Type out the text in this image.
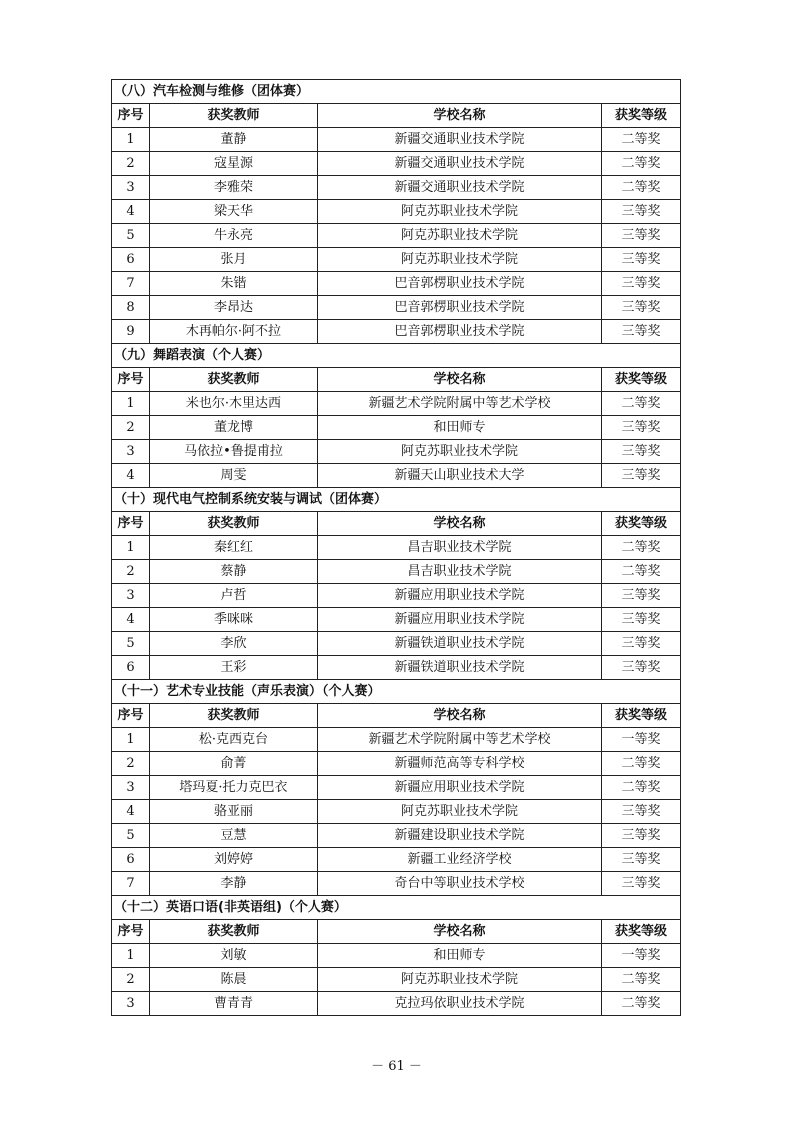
（八）汽车检测与维修（团体赛）			
序号	获奖教师	学校名称	获奖等级
1	董静	新疆交通职业技术学院	二等奖
2	寇星源	新疆交通职业技术学院	二等奖
3	李雅荣	新疆交通职业技术学院	二等奖
4	梁天华	阿克苏职业技术学院	三等奖
5	牛永亮	阿克苏职业技术学院	三等奖
6	张月	阿克苏职业技术学院	三等奖
7	朱锴	巴音郭楞职业技术学院	三等奖
8	李昂达	巴音郭楞职业技术学院	三等奖
9	木再帕尔·阿不拉	巴音郭楞职业技术学院	三等奖
（九）舞蹈表演（个人赛）			
序号	获奖教师	学校名称	获奖等级
1	米也尔·木里达西	新疆艺术学院附属中等艺术学校	二等奖
2	董龙博	和田师专	三等奖
3	马依拉•鲁提甫拉	阿克苏职业技术学院	三等奖
4	周雯	新疆天山职业技术大学	三等奖
（十）现代电气控制系统安装与调试（团体赛）			
序号	获奖教师	学校名称	获奖等级
1	秦红红	昌吉职业技术学院	二等奖
2	蔡静	昌吉职业技术学院	二等奖
3	卢哲	新疆应用职业技术学院	三等奖
4	季咪咪	新疆应用职业技术学院	三等奖
5	李欣	新疆铁道职业技术学院	三等奖
6	王彩	新疆铁道职业技术学院	三等奖
（十一）艺术专业技能（声乐表演）（个人赛）			
序号	获奖教师	学校名称	获奖等级
1	松·克西克台	新疆艺术学院附属中等艺术学校	一等奖
2	俞菁	新疆师范高等专科学校	二等奖
3	塔玛夏·托力克巴衣	新疆应用职业技术学院	二等奖
4	骆亚丽	阿克苏职业技术学院	三等奖
5	豆慧	新疆建设职业技术学院	三等奖
6	刘婷婷	新疆工业经济学校	三等奖
7	李静	奇台中等职业技术学校	三等奖
（十二）英语口语(非英语组)（个人赛）			
序号	获奖教师	学校名称	获奖等级
1	刘敏	和田师专	一等奖
2	陈晨	阿克苏职业技术学院	二等奖
3	曹青青	克拉玛依职业技术学院	二等奖
－ 61 －
